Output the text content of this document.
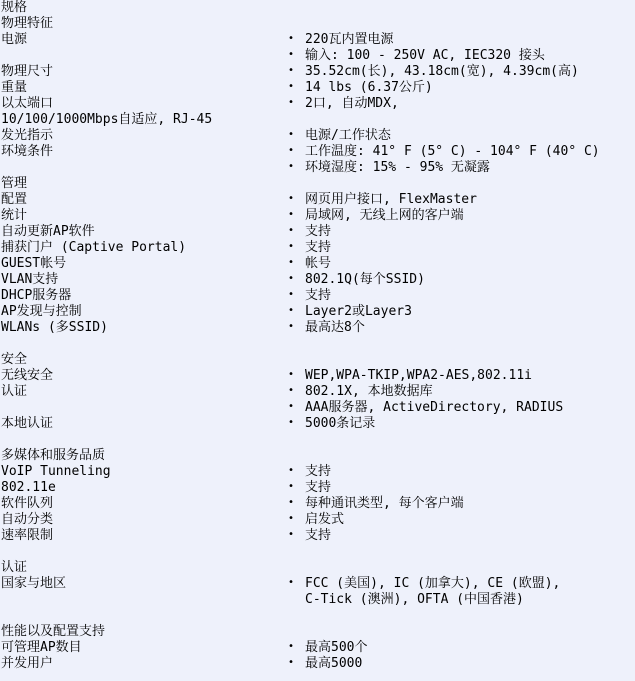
规格
物理特征
电源	• 220瓦内置电源
• 输入: 100 - 250V AC, IEC320 接头
物理尺寸	• 35.52cm(长), 43.18cm(宽), 4.39cm(高)
重量	• 14 lbs (6.37公斤)
以太端口	• 2口, 自动MDX,
10/100/1000Mbps自适应, RJ-45
发光指示	• 电源/工作状态
环境条件	• 工作温度: 41° F (5° C) - 104° F (40° C)
• 环境湿度: 15% - 95% 无凝露
管理
配置	• 网页用户接口, FlexMaster
统计	• 局域网, 无线上网的客户端
自动更新AP软件	• 支持
捕获门户 (Captive Portal)	• 支持
GUEST帐号	• 帐号
VLAN支持	• 802.1Q(每个SSID)
DHCP服务器	• 支持
AP发现与控制	• Layer2或Layer3
WLANs (多SSID)	• 最高达8个
安全
无线安全	• WEP,WPA-TKIP,WPA2-AES,802.11i
认证	• 802.1X, 本地数据库
• AAA服务器, ActiveDirectory, RADIUS
本地认证	• 5000条记录
多媒体和服务品质
VoIP Tunneling	• 支持
802.11e	• 支持
软件队列	• 每种通讯类型, 每个客户端
自动分类	• 启发式
速率限制	• 支持
认证
国家与地区	• FCC (美国), IC (加拿大), CE (欧盟),
C-Tick (澳洲), OFTA (中国香港)
性能以及配置支持
可管理AP数目	• 最高500个
并发用户	• 最高5000
